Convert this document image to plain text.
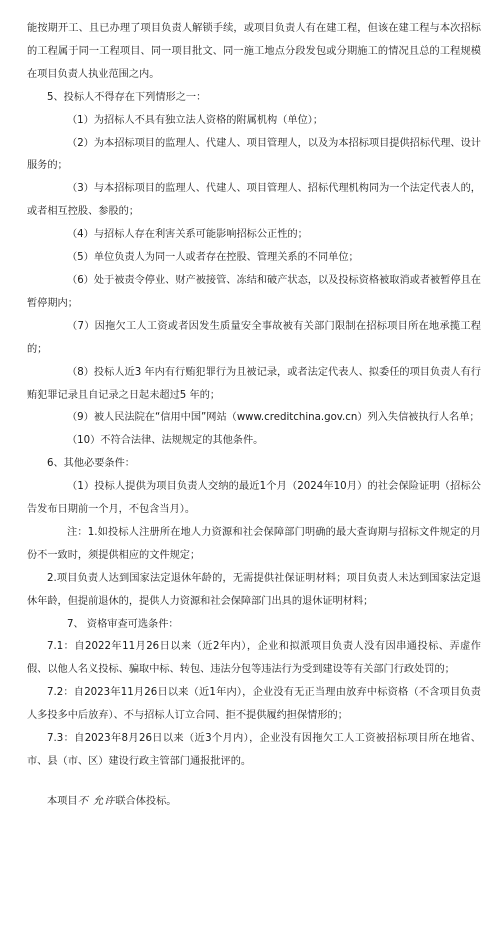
能按期开工、且已办理了项目负责人解锁手续，或项目负责人有在建工程，但该在建工程与本次招标的工程属于同一工程项目、同一项目批文、同一施工地点分段发包或分期施工的情况且总的工程规模在项目负责人执业范围之内。

5、投标人不得存在下列情形之一：

（1）为招标人不具有独立法人资格的附属机构（单位）；

（2）为本招标项目的监理人、代建人、项目管理人，以及为本招标项目提供招标代理、设计服务的；

（3）与本招标项目的监理人、代建人、项目管理人、招标代理机构同为一个法定代表人的，或者相互控股、参股的；

（4）与招标人存在利害关系可能影响招标公正性的；

（5）单位负责人为同一人或者存在控股、管理关系的不同单位；

（6）处于被责令停业、财产被接管、冻结和破产状态，以及投标资格被取消或者被暂停且在暂停期内；

（7）因拖欠工人工资或者因发生质量安全事故被有关部门限制在招标项目所在地承揽工程的；

（8）投标人近3 年内有行贿犯罪行为且被记录，或者法定代表人、拟委任的项目负责人有行贿犯罪记录且自记录之日起未超过5 年的；

（9）被人民法院在“信用中国”网站（www.creditchina.gov.cn）列入失信被执行人名单；

（10）不符合法律、法规规定的其他条件。

6、其他必要条件：

（1）投标人提供为项目负责人交纳的最近1个月（2024年10月）的社会保险证明（招标公告发布日期前一个月，不包含当月）。

注：1.如投标人注册所在地人力资源和社会保障部门明确的最大查询期与招标文件规定的月份不一致时，须提供相应的文件规定；

2.项目负责人达到国家法定退休年龄的，无需提供社保证明材料；项目负责人未达到国家法定退休年龄，但提前退休的，提供人力资源和社会保障部门出具的退休证明材料；

7、 资格审查可选条件：

7.1：自2022年11月26日以来（近2年内），企业和拟派项目负责人没有因串通投标、弄虚作假、以他人名义投标、骗取中标、转包、违法分包等违法行为受到建设等有关部门行政处罚的；

7.2：自2023年11月26日以来（近1年内），企业没有无正当理由放弃中标资格（不含项目负责人多投多中后放弃）、不与招标人订立合同、拒不提供履约担保情形的；

7.3：自2023年8月26日以来（近3个月内），企业没有因拖欠工人工资被招标项目所在地省、市、县（市、区）建设行政主管部门通报批评的。

本项目不 允许联合体投标。
